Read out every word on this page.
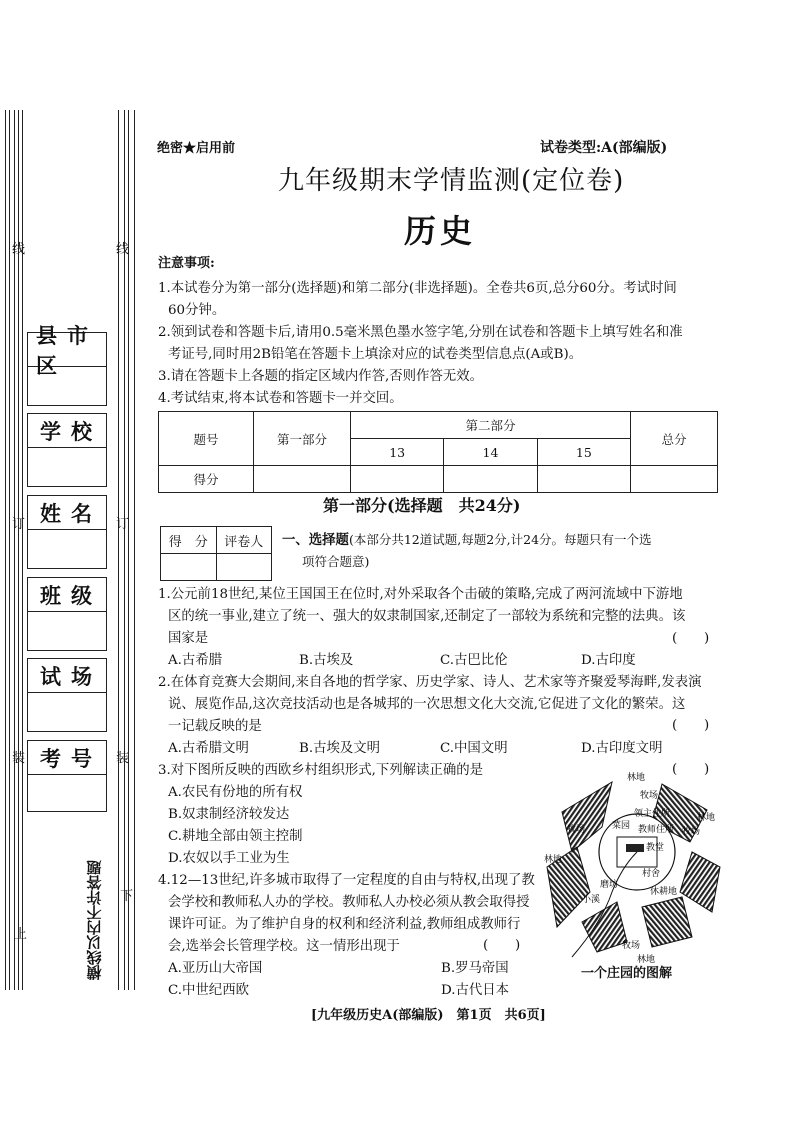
线	线
订	订
装	装
上
下
县市区
学校
姓名
班级
试场
考号
横线以内不许答题
绝密★启用前	试卷类型:A(部编版)
九年级期末学情监测(定位卷)
历史
注意事项:
1.本试卷分为第一部分(选择题)和第二部分(非选择题)。全卷共6页,总分60分。考试时间
60分钟。
2.领到试卷和答题卡后,请用0.5毫米黑色墨水签字笔,分别在试卷和答题卡上填写姓名和准
考证号,同时用2B铅笔在答题卡上填涂对应的试卷类型信息点(A或B)。
3.请在答题卡上各题的指定区域内作答,否则作答无效。
4.考试结束,将本试卷和答题卡一并交回。
题号	第一部分	第二部分			总分
		13	14	15	
得分					
第一部分(选择题　共24分)
得　分	评卷人
	一、选择题(本部分共12道试题,每题2分,计24分。每题只有一个选
项符合题意)
1.公元前18世纪,某位王国国王在位时,对外采取各个击破的策略,完成了两河流域中下游地
区的统一事业,建立了统一、强大的奴隶制国家,还制定了一部较为系统和完整的法典。该
国家是	(　　)
A.古希腊	B.古埃及	C.古巴比伦	D.古印度
2.在体育竞赛大会期间,来自各地的哲学家、历史学家、诗人、艺术家等齐聚爱琴海畔,发表演
说、展览作品,这次竞技活动也是各城邦的一次思想文化大交流,它促进了文化的繁荣。这
一记载反映的是	(　　)
A.古希腊文明	B.古埃及文明	C.中国文明	D.古印度文明
3.对下图所反映的西欧乡村组织形式,下列解读正确的是	(　　)
A.农民有份地的所有权
B.奴隶制经济较发达
C.耕地全部由领主控制
D.农奴以手工业为生
4.12—13世纪,许多城市取得了一定程度的自由与特权,出现了教
会学校和教师私人办的学校。教师私人办校必须从教会取得授
课许可证。为了维护自身的权利和经济利益,教师组成教师行
会,选举会长管理学校。这一情形出现于	(　　)
A.亚历山大帝国	B.罗马帝国
C.中世纪西欧	D.古代日本
林地
牧场
领主住所	林地
牧场	教师住所 牧场
菜园
教堂
林地
磨坊
村舍
小溪
休耕地
牧场
林地
一个庄园的图解
[九年级历史A(部编版)　第1页　共6页]
